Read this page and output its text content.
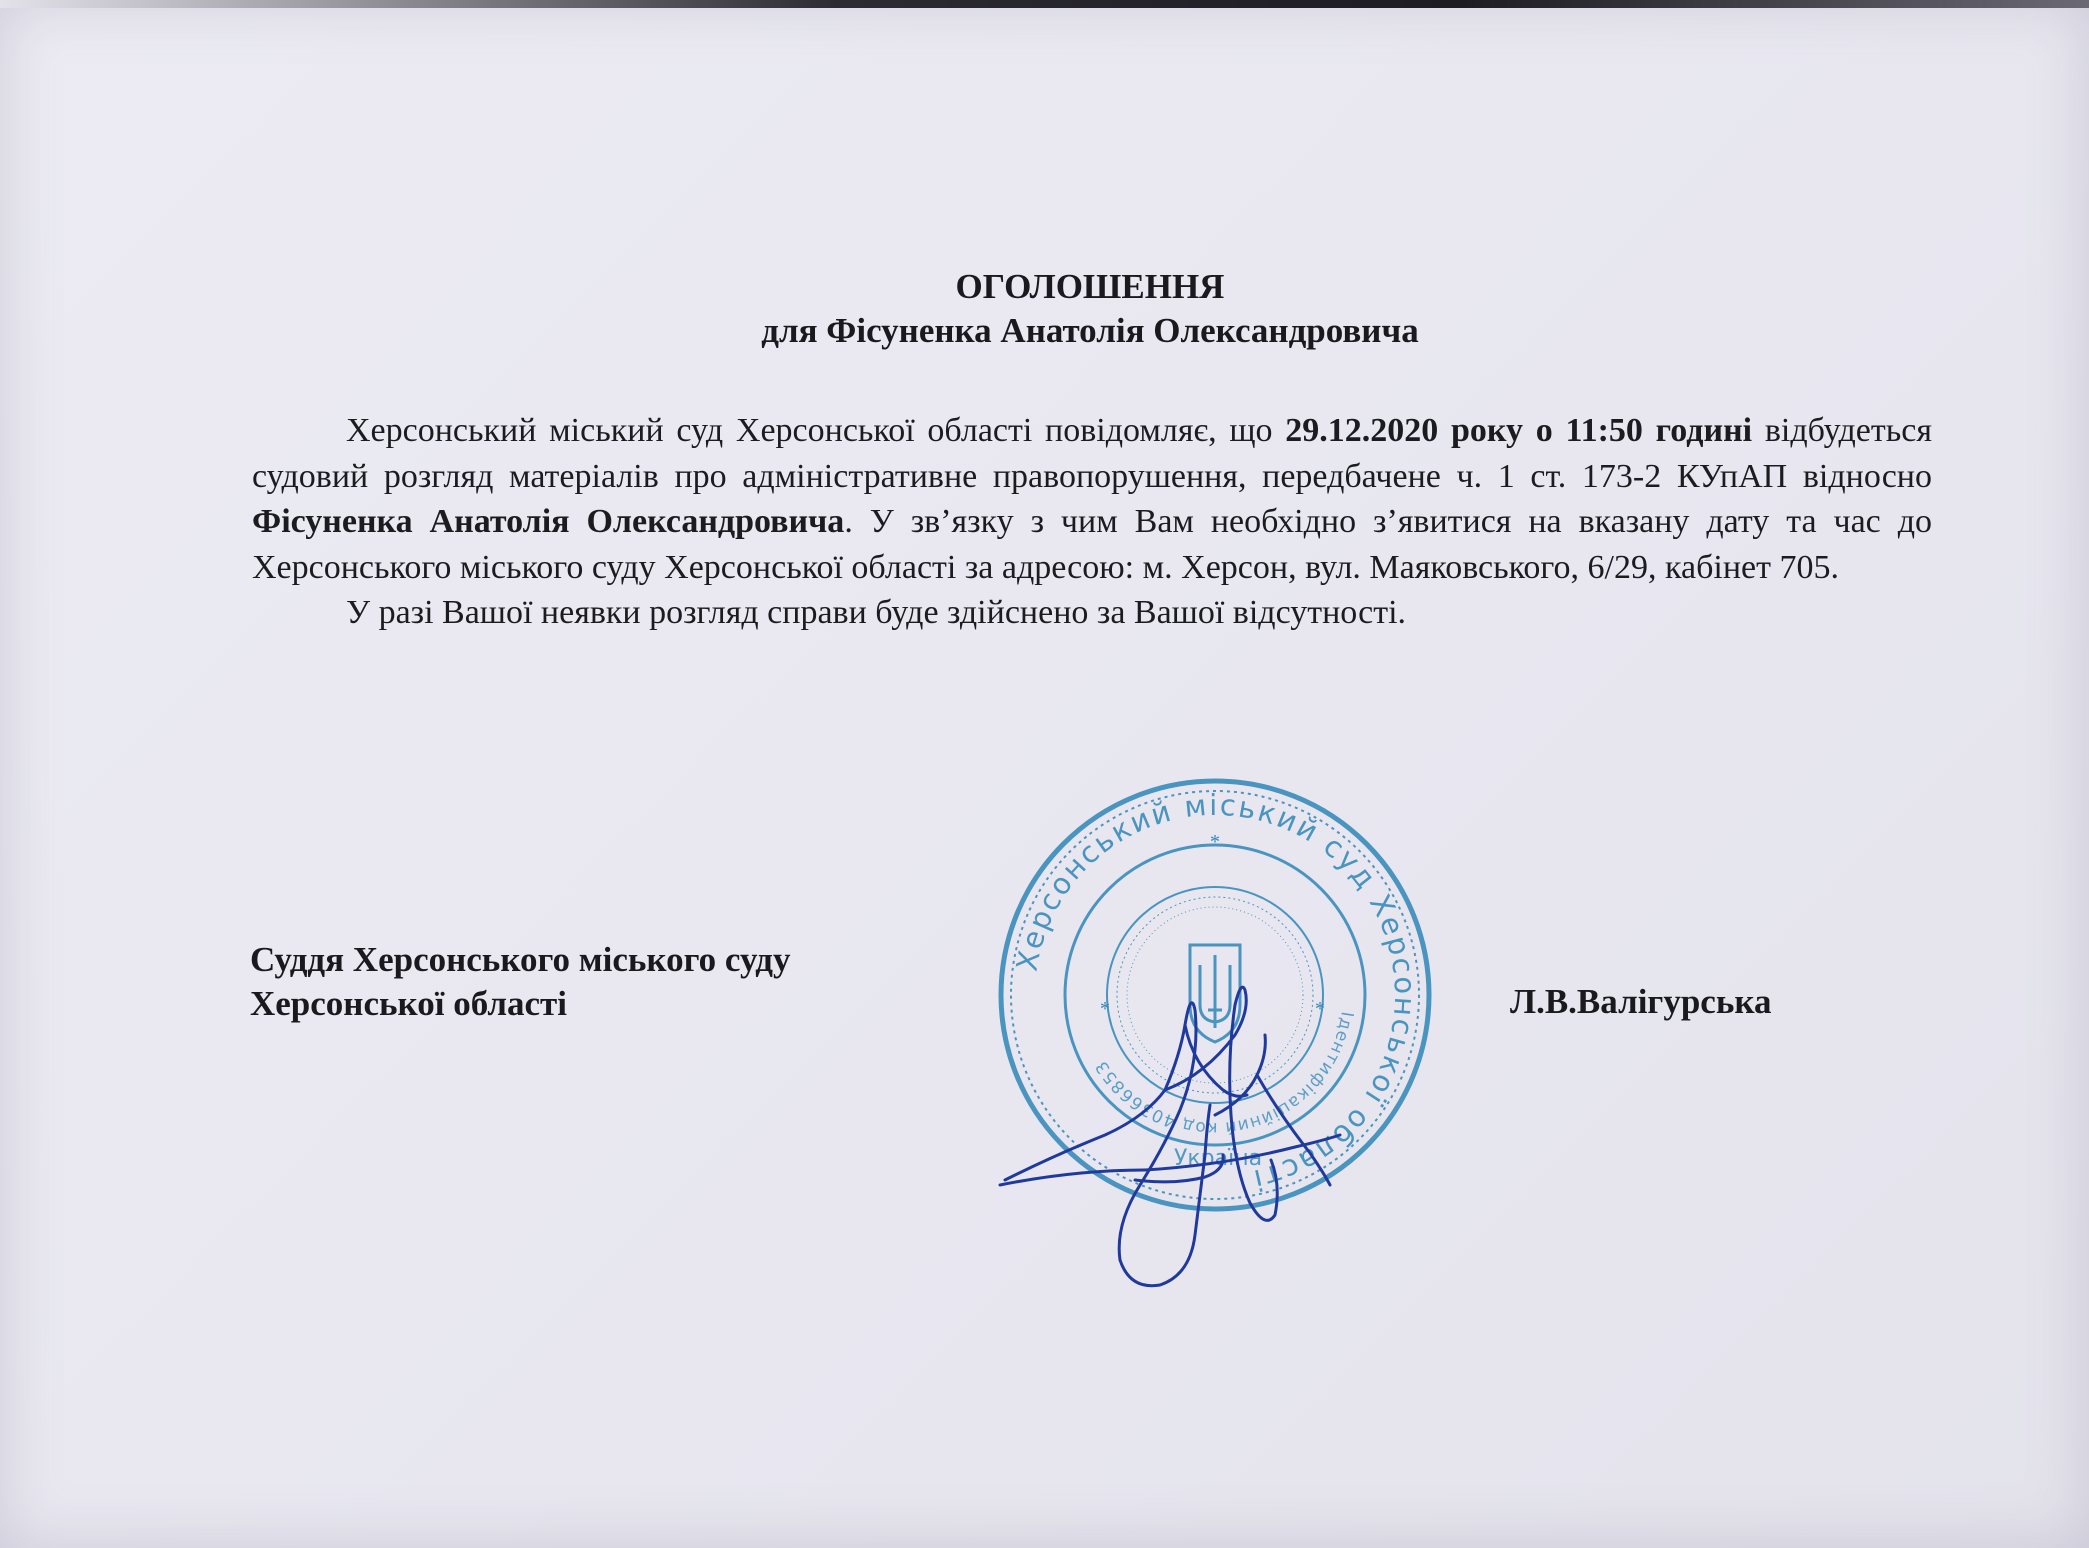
ОГОЛОШЕННЯ
для Фісуненка Анатолія Олександровича

Херсонський міський суд Херсонської області повідомляє, що 29.12.2020 року о 11:50 годині відбудеться судовий розгляд матеріалів про адміністративне правопорушення, передбачене ч. 1 ст. 173-2 КУпАП відносно Фісуненка Анатолія Олександровича. У зв’язку з чим Вам необхідно з’явитися на вказану дату та час до Херсонського міського суду Херсонської області за адресою: м. Херсон, вул. Маяковського, 6/29, кабінет 705.

У разі Вашої неявки розгляд справи буде здійснено за Вашої відсутності.

Суддя Херсонського міського суду
Херсонської області	Л.В.Валігурська
Херсонський міський суд Херсонської області
Ідентифікаційний код 40366853
Україна
*
*	*
